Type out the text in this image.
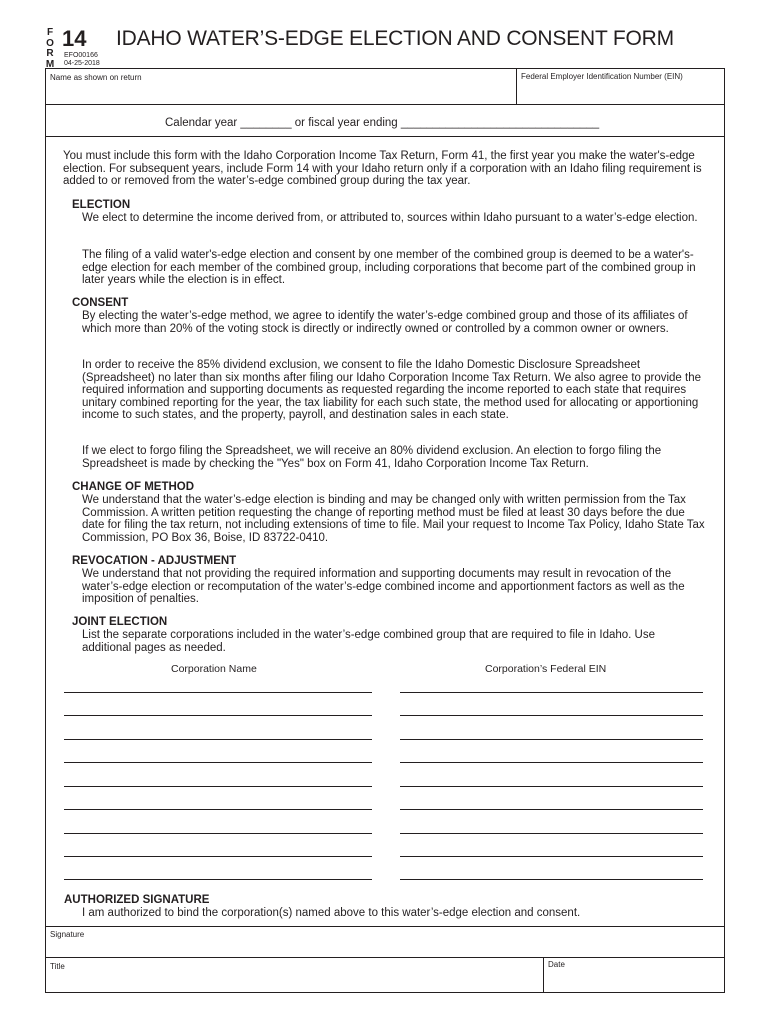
F
O
R
M
14
EFO00166
04-25-2018
IDAHO WATER’S-EDGE ELECTION AND CONSENT FORM
Name as shown on return	Federal Employer Identification Number (EIN)
Calendar year ________ or fiscal year ending _______________________________
You must include this form with the Idaho Corporation Income Tax Return, Form 41, the first year you make the water's-edge election. For subsequent years, include Form 14 with your Idaho return only if a corporation with an Idaho filing requirement is added to or removed from the water’s-edge combined group during the tax year.
ELECTION
We elect to determine the income derived from, or attributed to, sources within Idaho pursuant to a water’s-edge election.
The filing of a valid water's-edge election and consent by one member of the combined group is deemed to be a water's-edge election for each member of the combined group, including corporations that become part of the combined group in later years while the election is in effect.
CONSENT
By electing the water’s-edge method, we agree to identify the water’s-edge combined group and those of its affiliates of which more than 20% of the voting stock is directly or indirectly owned or controlled by a common owner or owners.
In order to receive the 85% dividend exclusion, we consent to file the Idaho Domestic Disclosure Spreadsheet (Spreadsheet) no later than six months after filing our Idaho Corporation Income Tax Return. We also agree to provide the required information and supporting documents as requested regarding the income reported to each state that requires unitary combined reporting for the year, the tax liability for each such state, the method used for allocating or apportioning income to such states, and the property, payroll, and destination sales in each state.
If we elect to forgo filing the Spreadsheet, we will receive an 80% dividend exclusion. An election to forgo filing the Spreadsheet is made by checking the "Yes" box on Form 41, Idaho Corporation Income Tax Return.
CHANGE OF METHOD
We understand that the water’s-edge election is binding and may be changed only with written permission from the Tax Commission. A written petition requesting the change of reporting method must be filed at least 30 days before the due date for filing the tax return, not including extensions of time to file. Mail your request to Income Tax Policy, Idaho State Tax Commission, PO Box 36, Boise, ID 83722-0410.
REVOCATION - ADJUSTMENT
We understand that not providing the required information and supporting documents may result in revocation of the water’s-edge election or recomputation of the water’s-edge combined income and apportionment factors as well as the imposition of penalties.
JOINT ELECTION
List the separate corporations included in the water’s-edge combined group that are required to file in Idaho. Use additional pages as needed.
Corporation Name	Corporation’s Federal EIN
AUTHORIZED SIGNATURE
I am authorized to bind the corporation(s) named above to this water’s-edge election and consent.
Signature
Title	Date
